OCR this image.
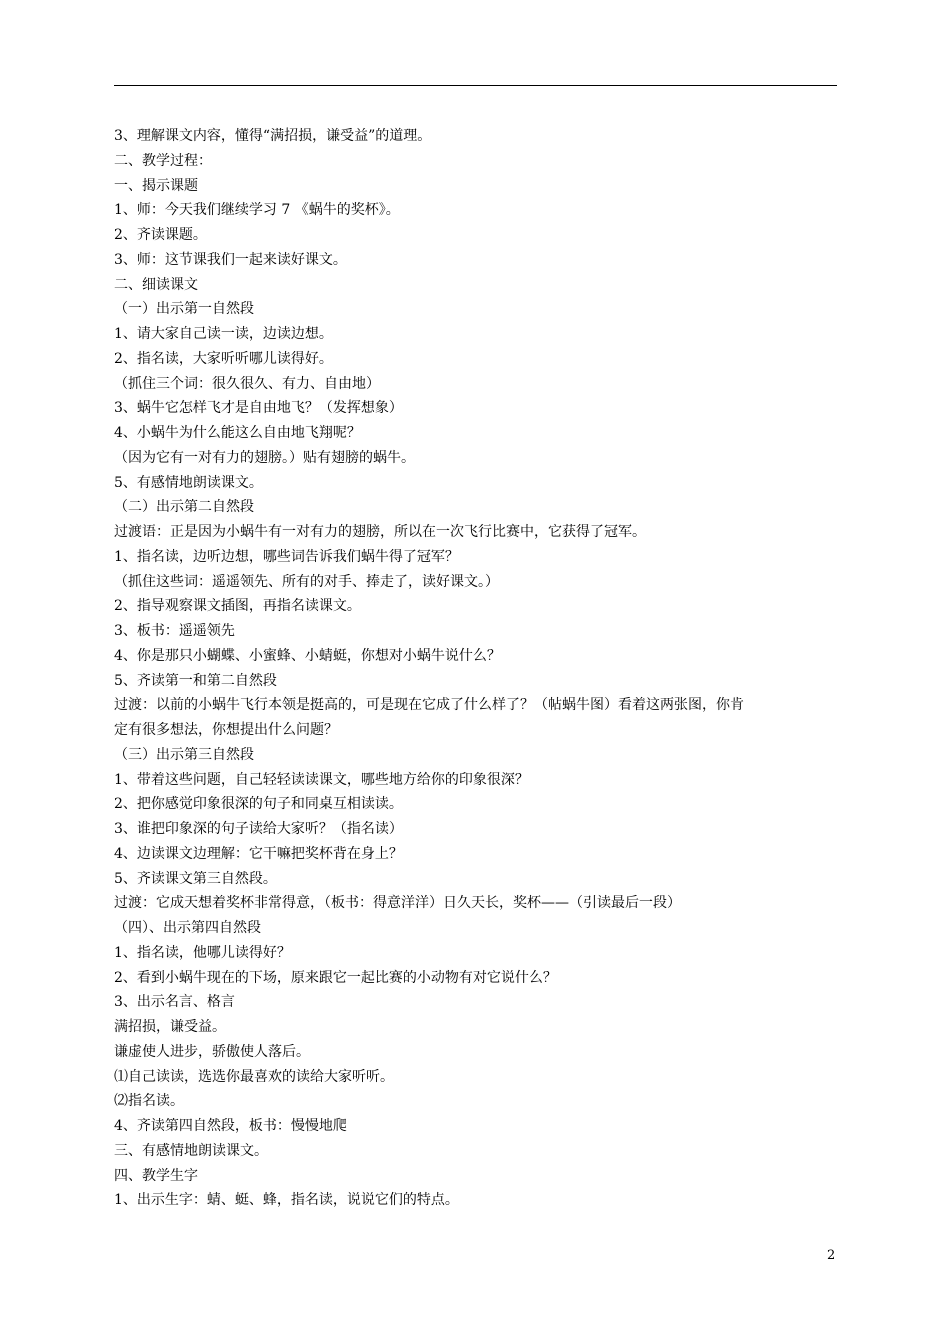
3、理解课文内容，懂得“满招损，谦受益”的道理。
二、教学过程：
一、揭示课题
1、师：今天我们继续学习 7 《蜗牛的奖杯》。
2、齐读课题。
3、师：这节课我们一起来读好课文。
二、细读课文
（一）出示第一自然段
1、请大家自己读一读，边读边想。
2、指名读，大家听听哪儿读得好。
（抓住三个词：很久很久、有力、自由地）
3、蜗牛它怎样飞才是自由地飞？（发挥想象）
4、小蜗牛为什么能这么自由地飞翔呢？
（因为它有一对有力的翅膀。）贴有翅膀的蜗牛。
5、有感情地朗读课文。
（二）出示第二自然段
过渡语：正是因为小蜗牛有一对有力的翅膀，所以在一次飞行比赛中，它获得了冠军。
1、指名读，边听边想，哪些词告诉我们蜗牛得了冠军？
（抓住这些词：遥遥领先、所有的对手、捧走了，读好课文。）
2、指导观察课文插图，再指名读课文。
3、板书：遥遥领先
4、你是那只小蝴蝶、小蜜蜂、小蜻蜓，你想对小蜗牛说什么？
5、齐读第一和第二自然段
过渡：以前的小蜗牛飞行本领是挺高的，可是现在它成了什么样了？（帖蜗牛图）看着这两张图，你肯
定有很多想法，你想提出什么问题？
（三）出示第三自然段
1、带着这些问题，自己轻轻读读课文，哪些地方给你的印象很深？
2、把你感觉印象很深的句子和同桌互相读读。
3、谁把印象深的句子读给大家听？（指名读）
4、边读课文边理解：它干嘛把奖杯背在身上？
5、齐读课文第三自然段。
过渡：它成天想着奖杯非常得意，（板书：得意洋洋）日久天长，奖杯——（引读最后一段）
（四）、出示第四自然段
1、指名读，他哪儿读得好？
2、看到小蜗牛现在的下场，原来跟它一起比赛的小动物有对它说什么？
3、出示名言、格言
满招损，谦受益。
谦虚使人进步，骄傲使人落后。
⑴自己读读，选选你最喜欢的读给大家听听。
⑵指名读。
4、齐读第四自然段，板书：慢慢地爬
三、有感情地朗读课文。
四、教学生字
1、出示生字：蜻、蜓、蜂，指名读，说说它们的特点。
2
